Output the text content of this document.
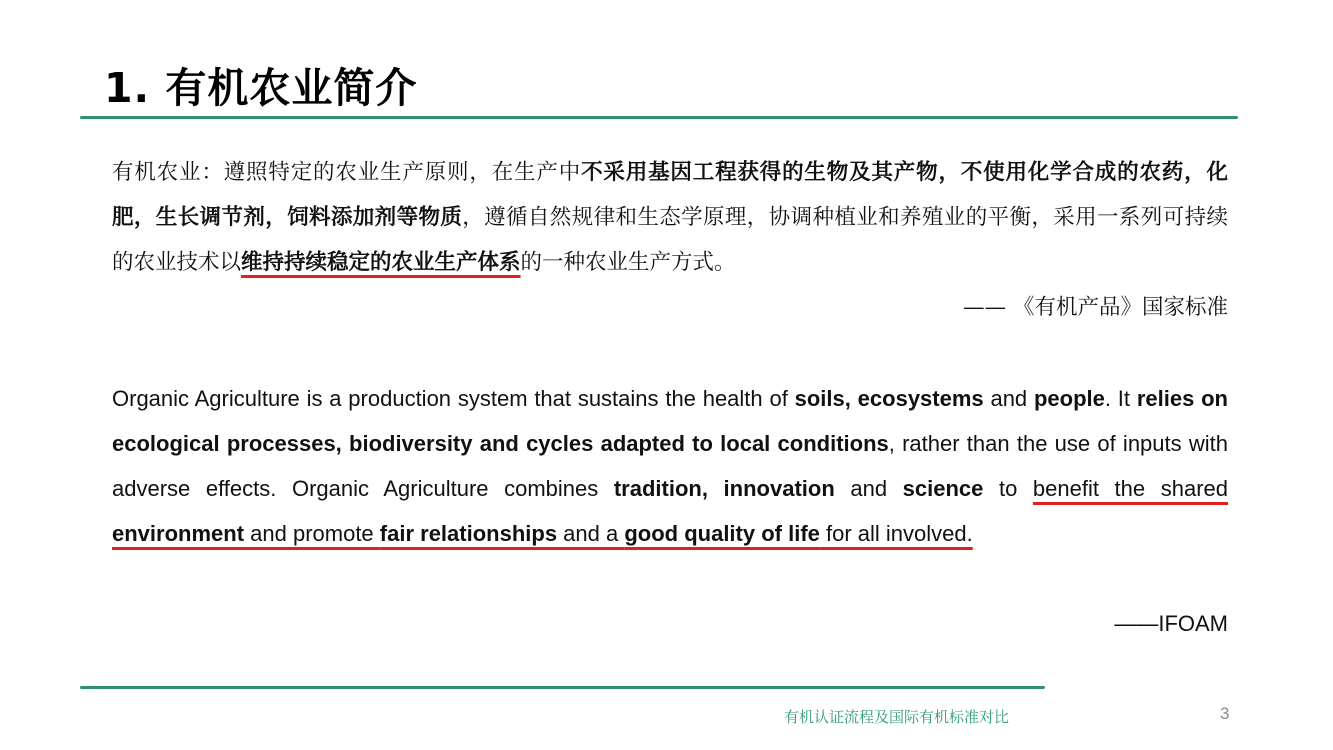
1. 有机农业简介
有机农业：遵照特定的农业生产原则，在生产中不采用基因工程获得的生物及其产物，不使用化学合成的农药，化肥，生长调节剂，饲料添加剂等物质，遵循自然规律和生态学原理，协调种植业和养殖业的平衡，采用一系列可持续的农业技术以维持持续稳定的农业生产体系的一种农业生产方式。
—— 《有机产品》国家标准
Organic Agriculture is a production system that sustains the health of soils, ecosystems and people. It relies on ecological processes, biodiversity and cycles adapted to local conditions, rather than the use of inputs with adverse effects. Organic Agriculture combines tradition, innovation and science to benefit the shared environment and promote fair relationships and a good quality of life for all involved.
——IFOAM
有机认证流程及国际有机标准对比	3
